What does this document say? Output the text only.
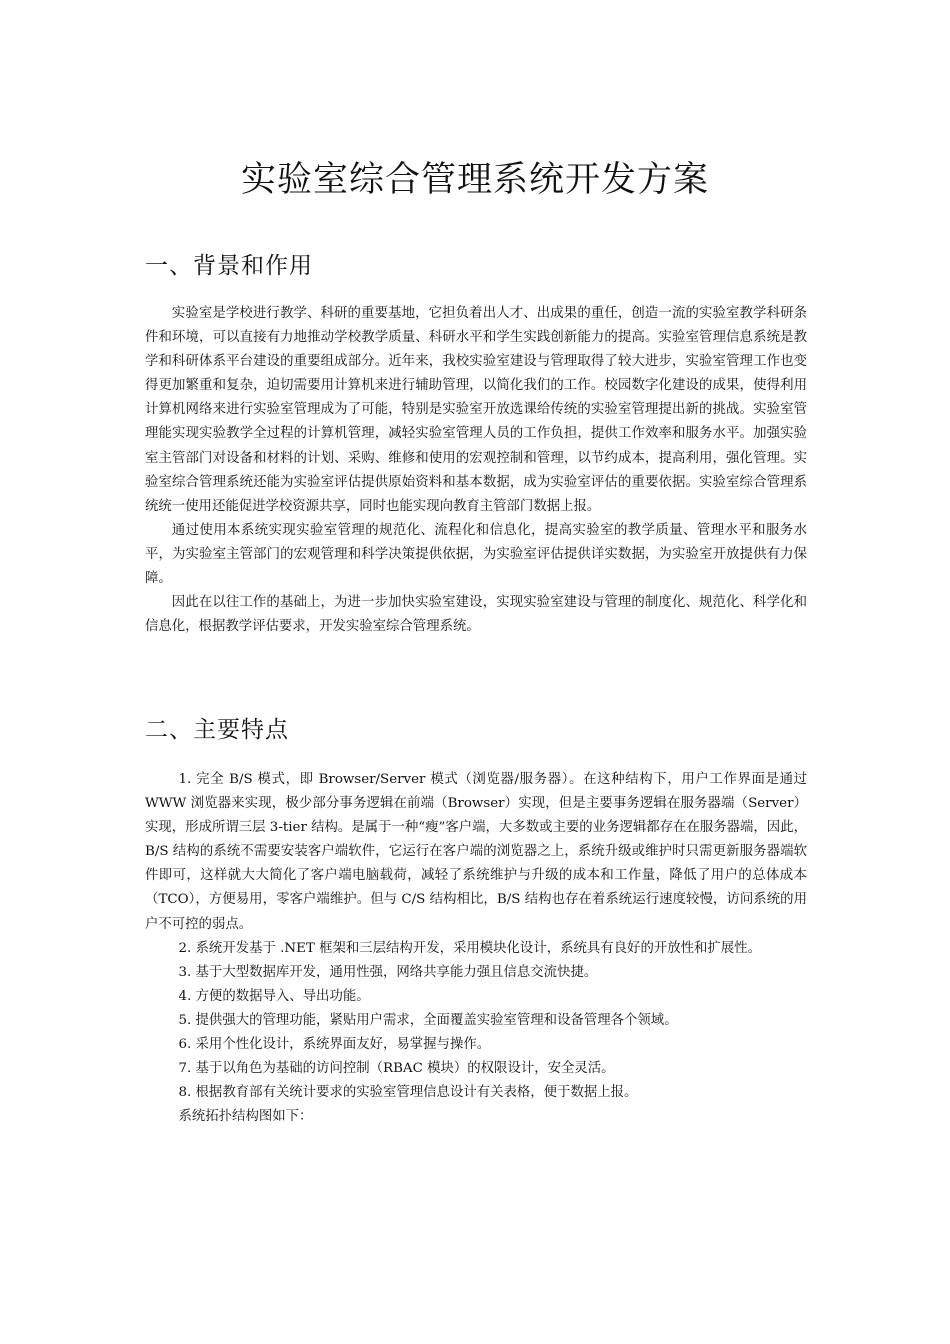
实验室综合管理系统开发方案
一、背景和作用

实验室是学校进行教学、科研的重要基地，它担负着出人才、出成果的重任，创造一流的实验室教学科研条件和环境，可以直接有力地推动学校教学质量、科研水平和学生实践创新能力的提高。实验室管理信息系统是教学和科研体系平台建设的重要组成部分。近年来，我校实验室建设与管理取得了较大进步，实验室管理工作也变得更加繁重和复杂，迫切需要用计算机来进行辅助管理，以简化我们的工作。校园数字化建设的成果，使得利用计算机网络来进行实验室管理成为了可能，特别是实验室开放选课给传统的实验室管理提出新的挑战。实验室管理能实现实验教学全过程的计算机管理，减轻实验室管理人员的工作负担，提供工作效率和服务水平。加强实验室主管部门对设备和材料的计划、采购、维修和使用的宏观控制和管理，以节约成本，提高利用，强化管理。实验室综合管理系统还能为实验室评估提供原始资料和基本数据，成为实验室评估的重要依据。实验室综合管理系统统一使用还能促进学校资源共享，同时也能实现向教育主管部门数据上报。

通过使用本系统实现实验室管理的规范化、流程化和信息化，提高实验室的教学质量、管理水平和服务水平，为实验室主管部门的宏观管理和科学决策提供依据，为实验室评估提供详实数据，为实验室开放提供有力保障。

因此在以往工作的基础上，为进一步加快实验室建设，实现实验室建设与管理的制度化、规范化、科学化和信息化，根据教学评估要求，开发实验室综合管理系统。

二、主要特点

1. 完全 B/S 模式，即 Browser/Server 模式（浏览器/服务器）。在这种结构下，用户工作界面是通过 WWW 浏览器来实现，极少部分事务逻辑在前端（Browser）实现，但是主要事务逻辑在服务器端（Server）实现，形成所谓三层 3-tier 结构。是属于一种“瘦”客户端，大多数或主要的业务逻辑都存在在服务器端，因此，B/S 结构的系统不需要安装客户端软件，它运行在客户端的浏览器之上，系统升级或维护时只需更新服务器端软件即可，这样就大大简化了客户端电脑载荷，减轻了系统维护与升级的成本和工作量，降低了用户的总体成本（TCO），方便易用，零客户端维护。但与 C/S 结构相比，B/S 结构也存在着系统运行速度较慢，访问系统的用户不可控的弱点。

2. 系统开发基于 .NET 框架和三层结构开发，采用模块化设计，系统具有良好的开放性和扩展性。

3. 基于大型数据库开发，通用性强，网络共享能力强且信息交流快捷。

4. 方便的数据导入、导出功能。

5. 提供强大的管理功能，紧贴用户需求，全面覆盖实验室管理和设备管理各个领域。

6. 采用个性化设计，系统界面友好，易掌握与操作。

7. 基于以角色为基础的访问控制（RBAC 模块）的权限设计，安全灵活。

8. 根据教育部有关统计要求的实验室管理信息设计有关表格，便于数据上报。

系统拓扑结构图如下：
